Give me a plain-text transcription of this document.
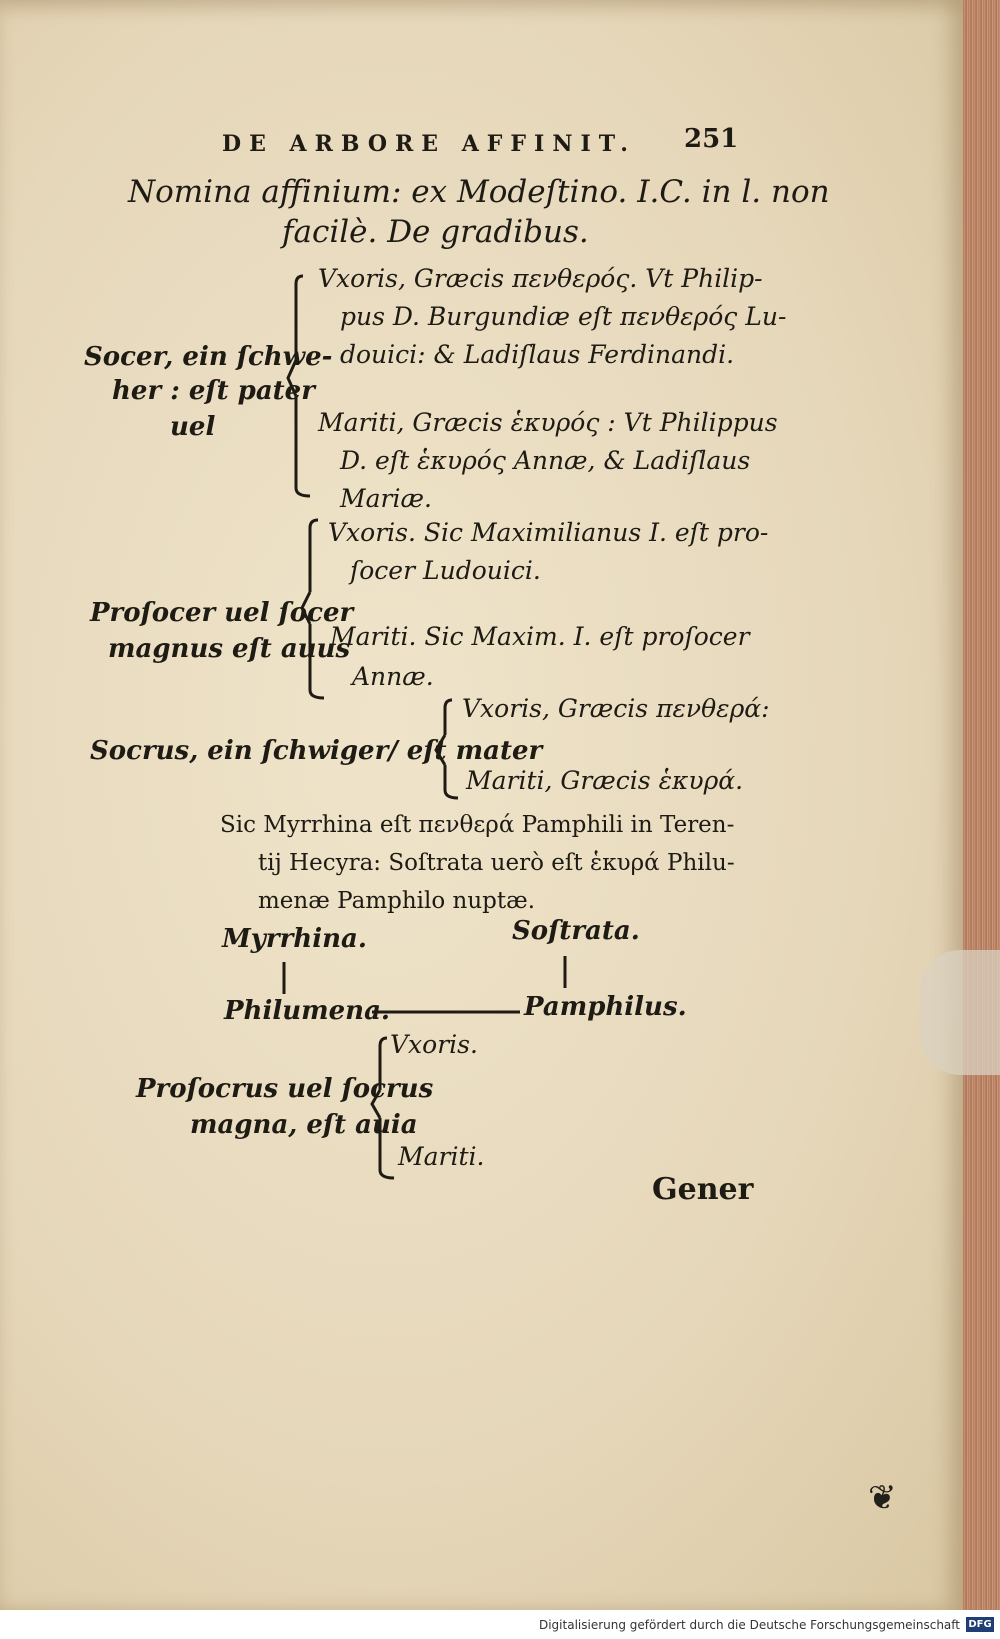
DE ARBORE AFFINIT. 251
Nomina affinium: ex Modeſtino. I.C. in l. non
facilè. De gradibus.
Socer, ein ſchwe-
her : eſt pater
uel
Vxoris, Græcis πενθερός. Vt Philip-
pus D. Burgundiæ eſt πενθερός Lu-
douici: & Ladiſlaus Ferdinandi.
Mariti, Græcis ἑκυρός : Vt Philippus
D. eſt ἑκυρός Annæ, & Ladiſlaus
Mariæ.
Proſocer uel ſocer
magnus eſt auus
Vxoris. Sic Maximilianus I. eſt pro-
ſocer Ludouici.
Mariti. Sic Maxim. I. eſt proſocer
Annæ.
Socrus, ein ſchwiger/ eſt mater
Vxoris, Græcis πενθερά:
Mariti, Græcis ἑκυρά.
Sic Myrrhina eſt πενθερά Pamphili in Teren-
tij Hecyra: Soſtrata uerò eſt ἑκυρά Philu-
menæ Pamphilo nuptæ.
Myrrhina.	Soſtrata.
Philumena.	Pamphilus.
Proſocrus uel ſocrus
magna, eſt auia
Vxoris.
Mariti.
Gener
❦
Digitalisierung gefördert durch die Deutsche Forschungsgemeinschaft DFG
